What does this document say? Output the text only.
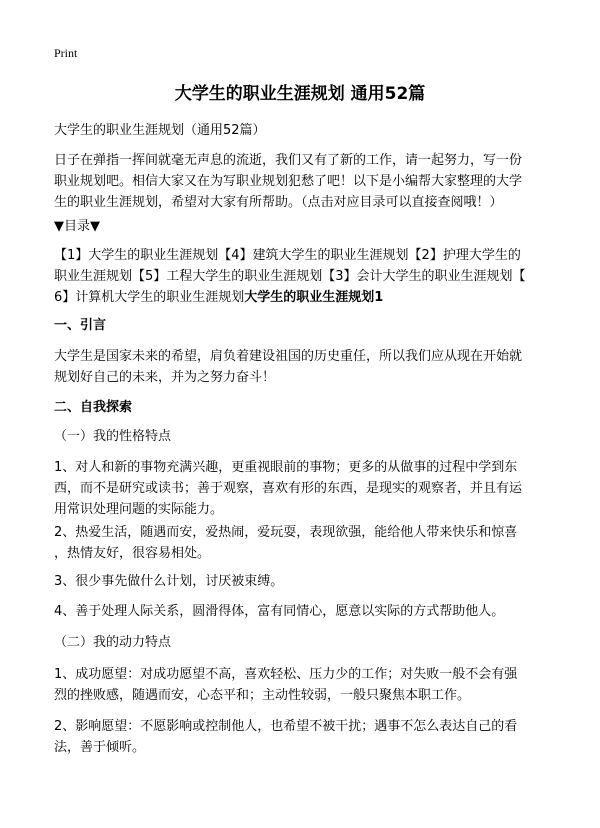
Print
大学生的职业生涯规划 通用52篇

大学生的职业生涯规划（通用52篇）

日子在弹指一挥间就毫无声息的流逝，我们又有了新的工作，请一起努力，写一份
职业规划吧。相信大家又在为写职业规划犯愁了吧！以下是小编帮大家整理的大学
生的职业生涯规划，希望对大家有所帮助。（点击对应目录可以直接查阅哦！）

▼目录▼

【1】大学生的职业生涯规划【4】建筑大学生的职业生涯规划【2】护理大学生的
职业生涯规划【5】工程大学生的职业生涯规划【3】会计大学生的职业生涯规划【
6】计算机大学生的职业生涯规划大学生的职业生涯规划1

一、引言

大学生是国家未来的希望，肩负着建设祖国的历史重任，所以我们应从现在开始就
规划好自己的未来，并为之努力奋斗！

二、自我探索

（一）我的性格特点

1、对人和新的事物充满兴趣，更重视眼前的事物；更多的从做事的过程中学到东
西，而不是研究或读书；善于观察，喜欢有形的东西，是现实的观察者，并且有运
用常识处理问题的实际能力。

2、热爱生活，随遇而安，爱热闹，爱玩耍，表现欲强，能给他人带来快乐和惊喜
，热情友好，很容易相处。

3、很少事先做什么计划，讨厌被束缚。

4、善于处理人际关系，圆滑得体，富有同情心，愿意以实际的方式帮助他人。

（二）我的动力特点

1、成功愿望：对成功愿望不高，喜欢轻松、压力少的工作；对失败一般不会有强
烈的挫败感，随遇而安，心态平和；主动性较弱，一般只聚焦本职工作。

2、影响愿望：不愿影响或控制他人，也希望不被干扰；遇事不怎么表达自己的看
法，善于倾听。
